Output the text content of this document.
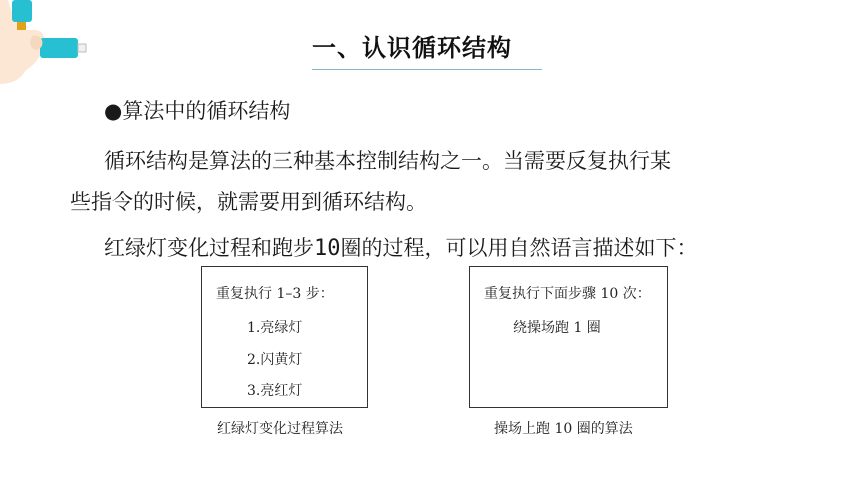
一、认识循环结构
●算法中的循环结构
循环结构是算法的三种基本控制结构之一。当需要反复执行某
些指令的时候，就需要用到循环结构。
红绿灯变化过程和跑步10圈的过程，可以用自然语言描述如下：
重复执行 1–3 步：
1.亮绿灯
2.闪黄灯
3.亮红灯
红绿灯变化过程算法
重复执行下面步骤 10 次：
绕操场跑 1 圈
操场上跑 10 圈的算法
